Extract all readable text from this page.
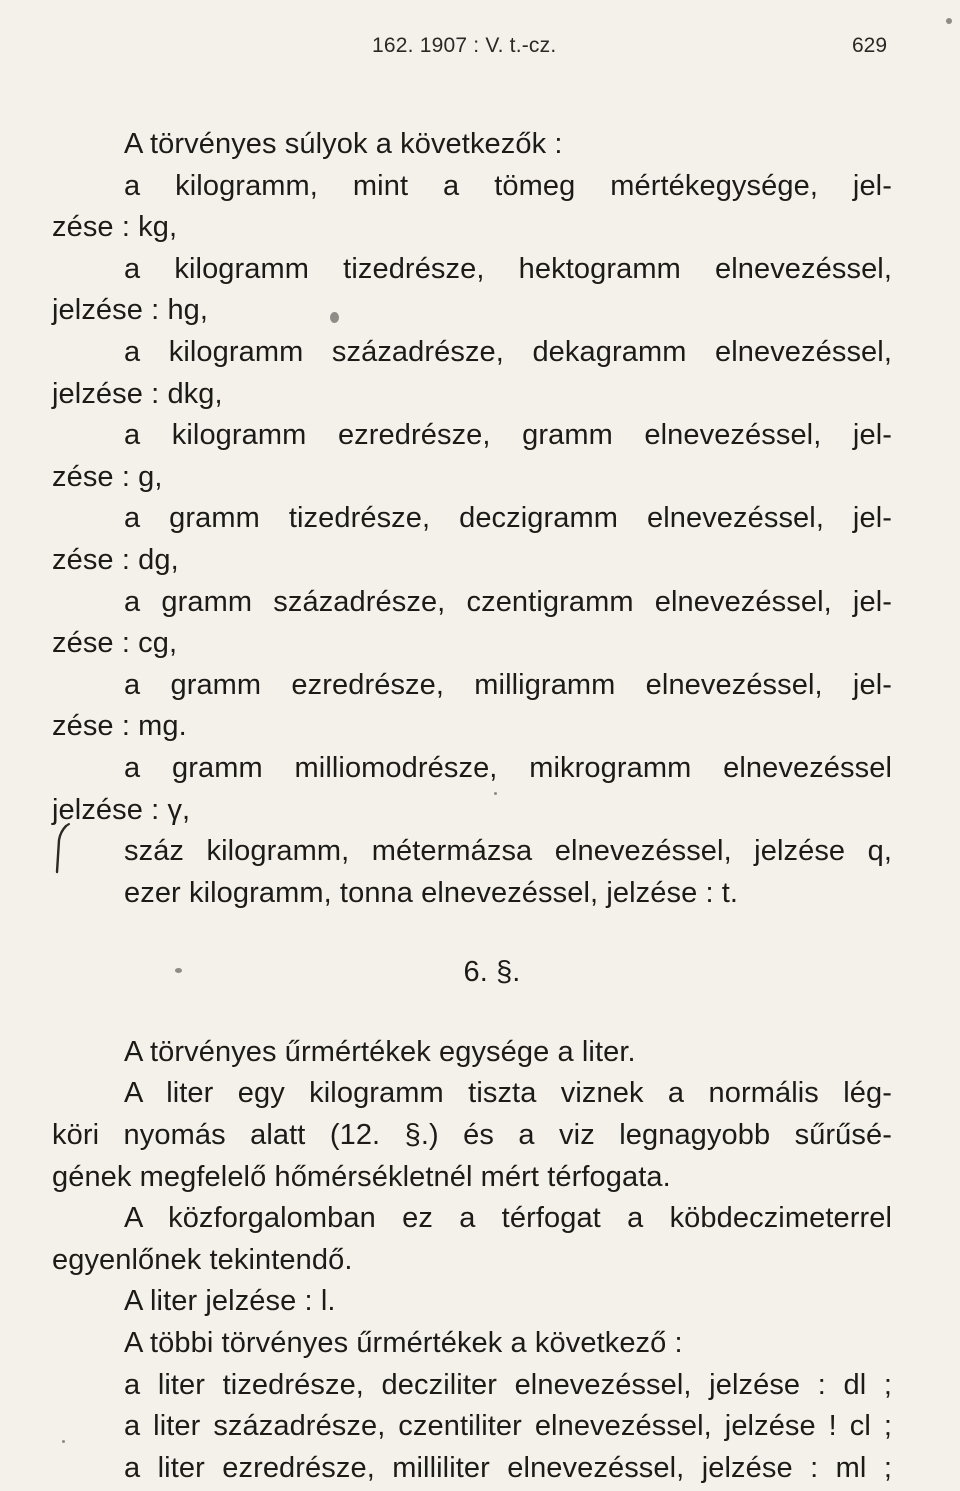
162. 1907 : V. t.-cz.	629
A törvényes súlyok a következők :
a kilogramm, mint a tömeg mértékegysége, jel-
zése : kg,
a kilogramm tizedrésze, hektogramm elnevezéssel,
jelzése : hg,
a kilogramm századrésze, dekagramm elnevezéssel,
jelzése : dkg,
a kilogramm ezredrésze, gramm elnevezéssel, jel-
zése : g,
a gramm tizedrésze, deczigramm elnevezéssel, jel-
zése : dg,
a gramm századrésze, czentigramm elnevezéssel, jel-
zése : cg,
a gramm ezredrésze, milligramm elnevezéssel, jel-
zése : mg.
a gramm milliomodrésze, mikrogramm elnevezéssel
jelzése : γ,
száz kilogramm, métermázsa elnevezéssel, jelzése q,
ezer kilogramm, tonna elnevezéssel, jelzése : t.
6. §.
A törvényes űrmértékek egysége a liter.
A liter egy kilogramm tiszta viznek a normális lég-
köri nyomás alatt (12. §.) és a viz legnagyobb sűrűsé-
gének megfelelő hőmérsékletnél mért térfogata.
A közforgalomban ez a térfogat a köbdeczimeterrel
egyenlőnek tekintendő.
A liter jelzése : l.
A többi törvényes űrmértékek a következő :
a liter tizedrésze, decziliter elnevezéssel, jelzése : dl ;
a liter századrésze, czentiliter elnevezéssel, jelzése ! cl ;
a liter ezredrésze, milliliter elnevezéssel, jelzése : ml ;
